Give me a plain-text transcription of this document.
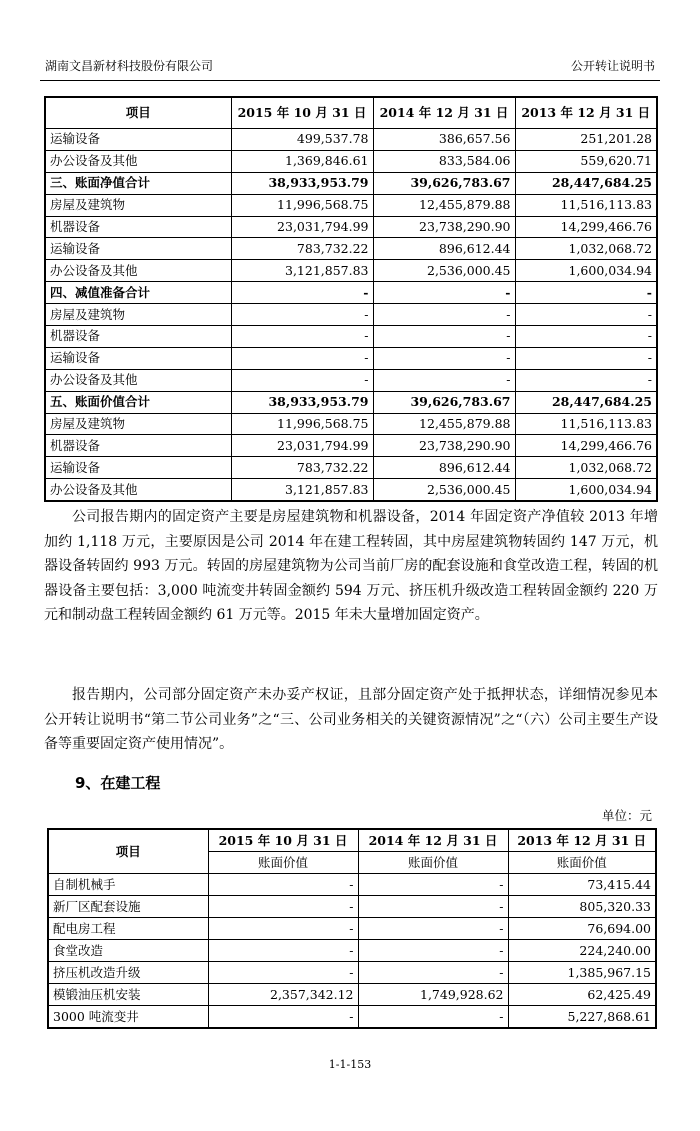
湖南文昌新材科技股份有限公司	公开转让说明书
项目	2015 年 10 月 31 日	2014 年 12 月 31 日	2013 年 12 月 31 日
运输设备	499,537.78	386,657.56	251,201.28
办公设备及其他	1,369,846.61	833,584.06	559,620.71
三、账面净值合计	38,933,953.79	39,626,783.67	28,447,684.25
房屋及建筑物	11,996,568.75	12,455,879.88	11,516,113.83
机器设备	23,031,794.99	23,738,290.90	14,299,466.76
运输设备	783,732.22	896,612.44	1,032,068.72
办公设备及其他	3,121,857.83	2,536,000.45	1,600,034.94
四、减值准备合计	-	-	-
房屋及建筑物	-	-	-
机器设备	-	-	-
运输设备	-	-	-
办公设备及其他	-	-	-
五、账面价值合计	38,933,953.79	39,626,783.67	28,447,684.25
房屋及建筑物	11,996,568.75	12,455,879.88	11,516,113.83
机器设备	23,031,794.99	23,738,290.90	14,299,466.76
运输设备	783,732.22	896,612.44	1,032,068.72
办公设备及其他	3,121,857.83	2,536,000.45	1,600,034.94

公司报告期内的固定资产主要是房屋建筑物和机器设备，2014 年固定资产净值较 2013 年增加约 1,118 万元，主要原因是公司 2014 年在建工程转固，其中房屋建筑物转固约 147 万元，机器设备转固约 993 万元。转固的房屋建筑物为公司当前厂房的配套设施和食堂改造工程，转固的机器设备主要包括：3,000 吨流变井转固金额约 594 万元、挤压机升级改造工程转固金额约 220 万元和制动盘工程转固金额约 61 万元等。2015 年未大量增加固定资产。

报告期内，公司部分固定资产未办妥产权证，且部分固定资产处于抵押状态，详细情况参见本公开转让说明书“第二节公司业务”之“三、公司业务相关的关键资源情况”之“（六）公司主要生产设备等重要固定资产使用情况”。

9、在建工程
单位：元
项目	2015 年 10 月 31 日	2014 年 12 月 31 日	2013 年 12 月 31 日
	账面价值	账面价值	账面价值
自制机械手	-	-	73,415.44
新厂区配套设施	-	-	805,320.33
配电房工程	-	-	76,694.00
食堂改造	-	-	224,240.00
挤压机改造升级	-	-	1,385,967.15
模锻油压机安装	2,357,342.12	1,749,928.62	62,425.49
3000 吨流变井	-	-	5,227,868.61
1-1-153
